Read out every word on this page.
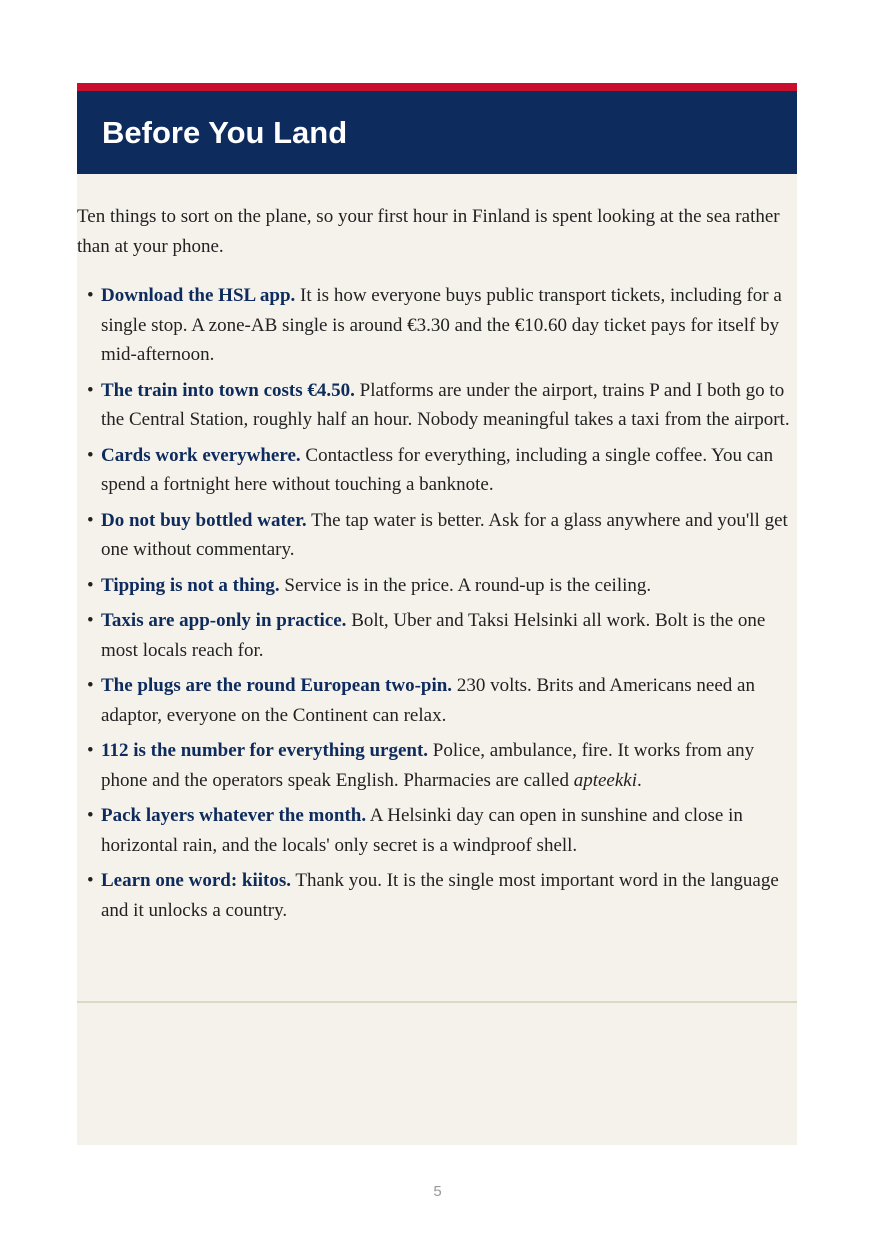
Before You Land

Ten things to sort on the plane, so your first hour in Finland is spent looking at the sea rather than at your phone.

• Download the HSL app. It is how everyone buys public transport tickets, including for a single stop. A zone-AB single is around €3.30 and the €10.60 day ticket pays for itself by mid-afternoon.
• The train into town costs €4.50. Platforms are under the airport, trains P and I both go to the Central Station, roughly half an hour. Nobody meaningful takes a taxi from the airport.
• Cards work everywhere. Contactless for everything, including a single coffee. You can spend a fortnight here without touching a banknote.
• Do not buy bottled water. The tap water is better. Ask for a glass anywhere and you'll get one without commentary.
• Tipping is not a thing. Service is in the price. A round-up is the ceiling.
• Taxis are app-only in practice. Bolt, Uber and Taksi Helsinki all work. Bolt is the one most locals reach for.
• The plugs are the round European two-pin. 230 volts. Brits and Americans need an adaptor, everyone on the Continent can relax.
• 112 is the number for everything urgent. Police, ambulance, fire. It works from any phone and the operators speak English. Pharmacies are called apteekki.
• Pack layers whatever the month. A Helsinki day can open in sunshine and close in horizontal rain, and the locals' only secret is a windproof shell.
• Learn one word: kiitos. Thank you. It is the single most important word in the language and it unlocks a country.
5
